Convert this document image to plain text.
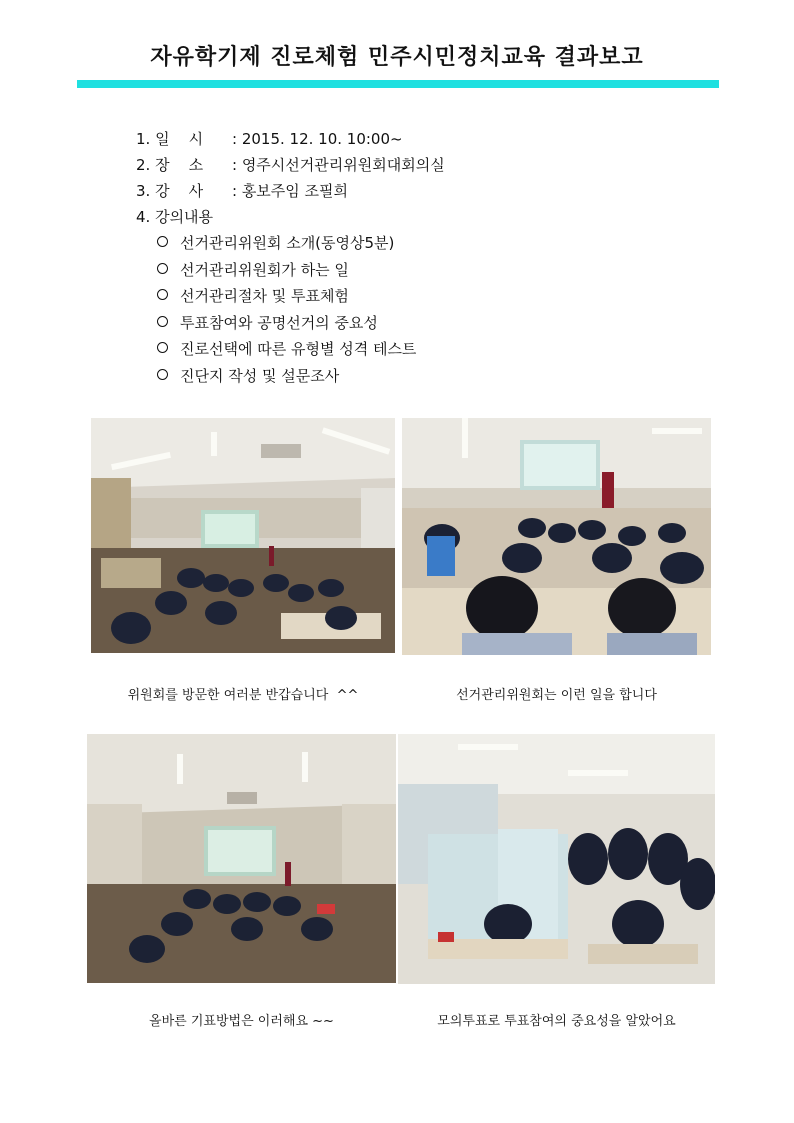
자유학기제 진로체험 민주시민정치교육 결과보고
1. 일    시 : 2015. 12. 10. 10:00~
2. 장    소 : 영주시선거관리위원회대회의실
3. 강    사 : 홍보주임 조필희
4. 강의내용
선거관리위원회 소개(동영상5분)
선거관리위원회가 하는 일
선거관리절차 및 투표체험
투표참여와 공명선거의 중요성
진로선택에 따른 유형별 성격 테스트
진단지 작성 및 설문조사
위원회를 방문한 여러분 반갑습니다  ^^	선거관리위원회는 이런 일을 합니다
올바른 기표방법은 이러해요 ~~	모의투표로 투표참여의 중요성을 알았어요
